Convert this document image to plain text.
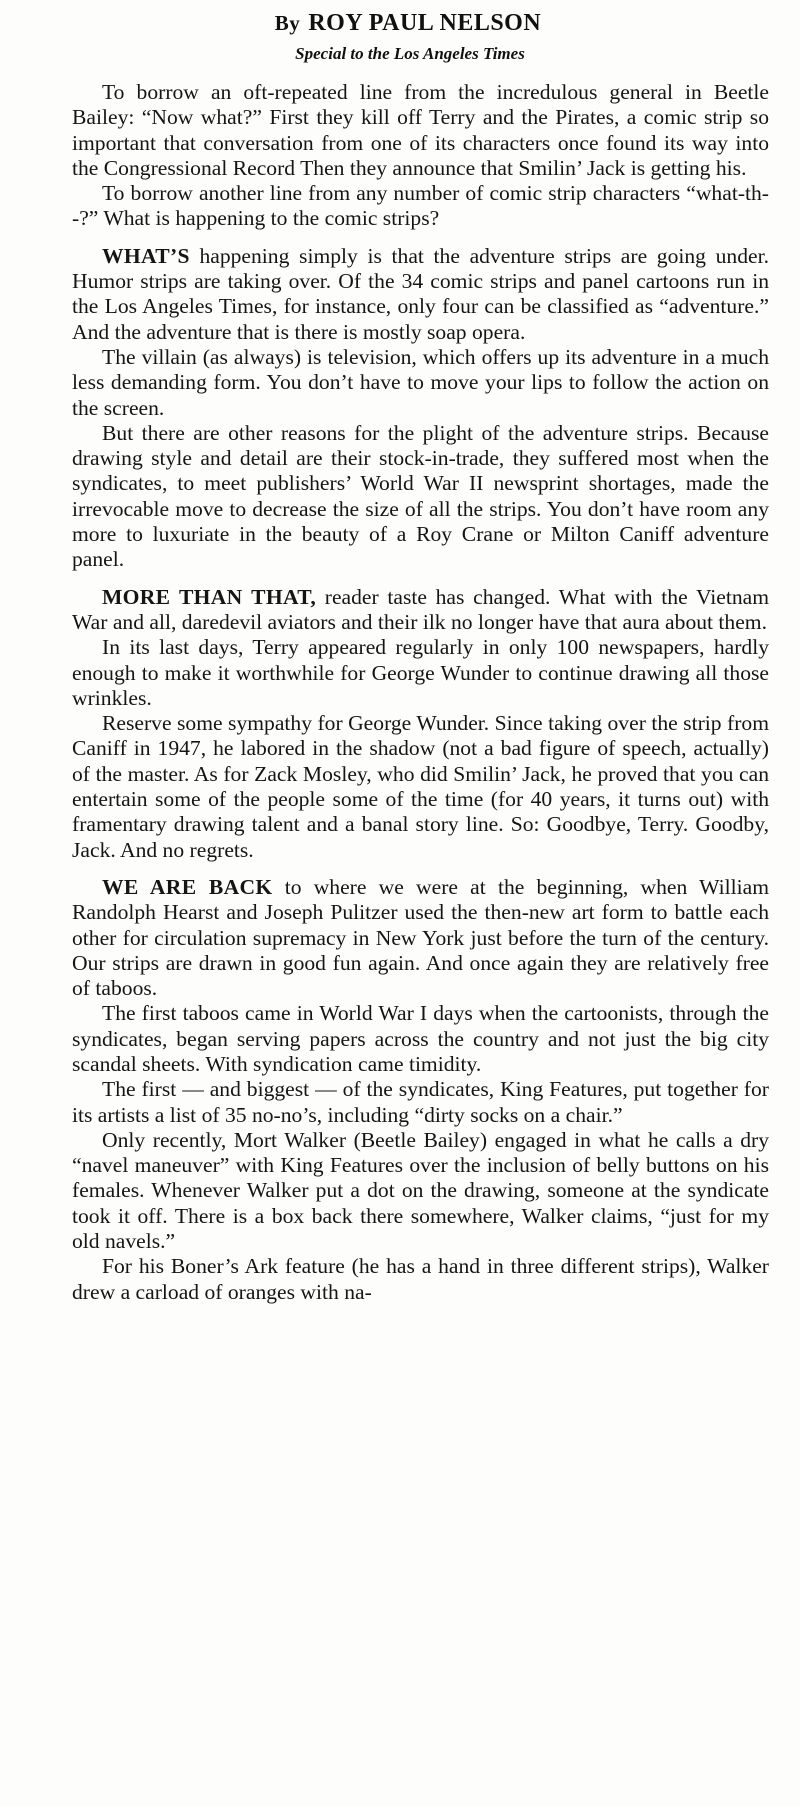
By ROY PAUL NELSON
Special to the Los Angeles Times

To borrow an oft-repeated line from the incredulous general in Beetle Bailey: “Now what?” First they kill off Terry and the Pirates, a comic strip so important that conversation from one of its characters once found its way into the Congressional Record Then they announce that Smilin’ Jack is getting his.

To borrow another line from any number of comic strip characters “what-th--?” What is happening to the comic strips?

WHAT’S happening simply is that the adventure strips are going under. Humor strips are taking over. Of the 34 comic strips and panel cartoons run in the Los Angeles Times, for instance, only four can be classified as “adventure.” And the adventure that is there is mostly soap opera.

The villain (as always) is television, which offers up its adventure in a much less demanding form. You don’t have to move your lips to follow the action on the screen.

But there are other reasons for the plight of the adventure strips. Because drawing style and detail are their stock-in-trade, they suffered most when the syndicates, to meet publishers’ World War II newsprint shortages, made the irrevocable move to decrease the size of all the strips. You don’t have room any more to luxuriate in the beauty of a Roy Crane or Milton Caniff adventure panel.

MORE THAN THAT, reader taste has changed. What with the Vietnam War and all, daredevil aviators and their ilk no longer have that aura about them.

In its last days, Terry appeared regularly in only 100 newspapers, hardly enough to make it worthwhile for George Wunder to continue drawing all those wrinkles.

Reserve some sympathy for George Wunder. Since taking over the strip from Caniff in 1947, he labored in the shadow (not a bad figure of speech, actually) of the master. As for Zack Mosley, who did Smilin’ Jack, he proved that you can entertain some of the people some of the time (for 40 years, it turns out) with framentary drawing talent and a banal story line. So: Goodbye, Terry. Goodby, Jack. And no regrets.

WE ARE BACK to where we were at the beginning, when William Randolph Hearst and Joseph Pulitzer used the then-new art form to battle each other for circulation supremacy in New York just before the turn of the century. Our strips are drawn in good fun again. And once again they are relatively free of taboos.

The first taboos came in World War I days when the cartoonists, through the syndicates, began serving papers across the country and not just the big city scandal sheets. With syndication came timidity.

The first — and biggest — of the syndicates, King Features, put together for its artists a list of 35 no-no’s, including “dirty socks on a chair.”

Only recently, Mort Walker (Beetle Bailey) engaged in what he calls a dry “navel maneuver” with King Features over the inclusion of belly buttons on his females. Whenever Walker put a dot on the drawing, someone at the syndicate took it off. There is a box back there somewhere, Walker claims, “just for my old navels.”

For his Boner’s Ark feature (he has a hand in three different strips), Walker drew a carload of oranges with na-
